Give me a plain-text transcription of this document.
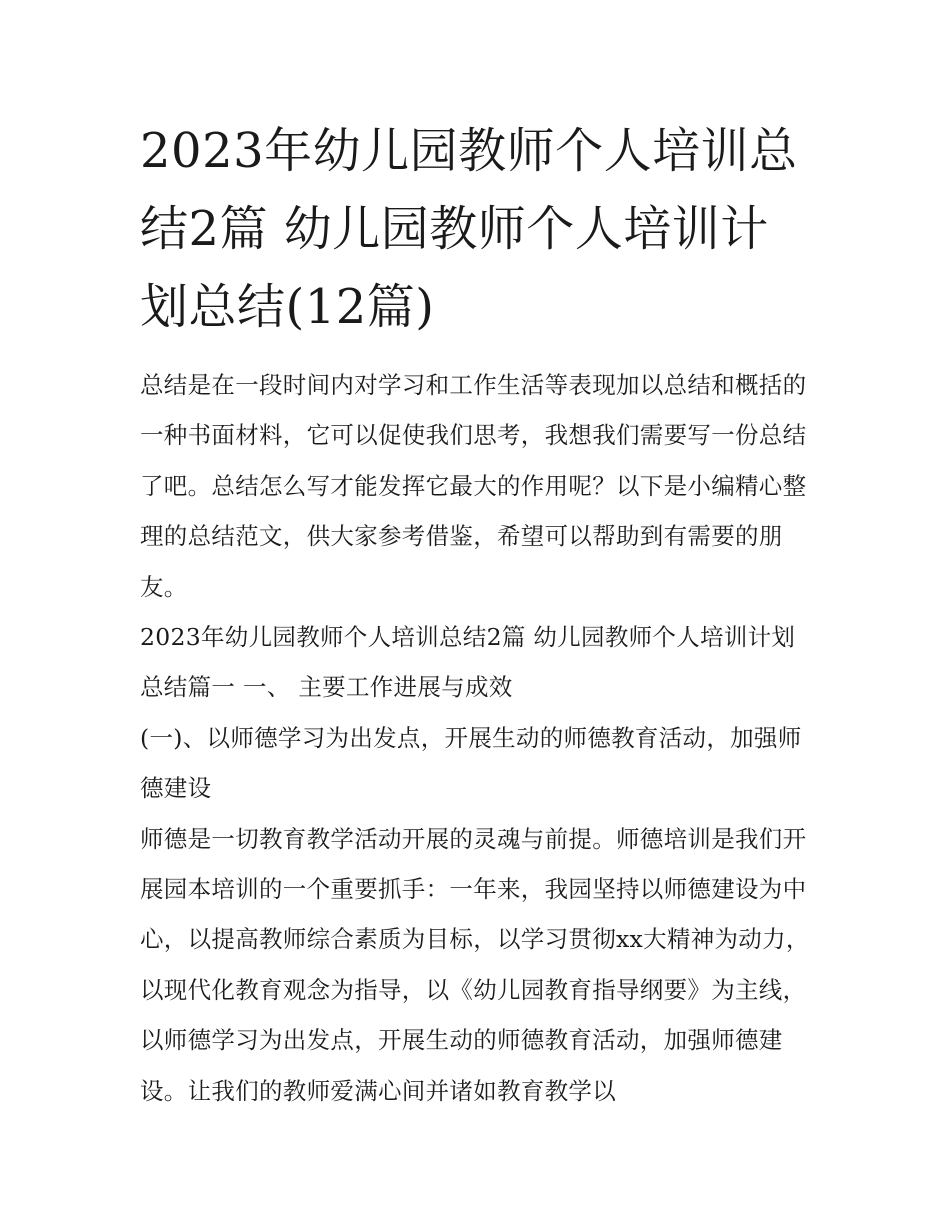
2023年幼儿园教师个人培训总结2篇 幼儿园教师个人培训计划总结(12篇)

总结是在一段时间内对学习和工作生活等表现加以总结和概括的一种书面材料，它可以促使我们思考，我想我们需要写一份总结了吧。总结怎么写才能发挥它最大的作用呢？以下是小编精心整理的总结范文，供大家参考借鉴，希望可以帮助到有需要的朋友。

2023年幼儿园教师个人培训总结2篇 幼儿园教师个人培训计划总结篇一 一、 主要工作进展与成效

(一)、以师德学习为出发点，开展生动的师德教育活动，加强师德建设

师德是一切教育教学活动开展的灵魂与前提。师德培训是我们开展园本培训的一个重要抓手：一年来，我园坚持以师德建设为中心，以提高教师综合素质为目标，以学习贯彻xx大精神为动力，以现代化教育观念为指导，以《幼儿园教育指导纲要》为主线，以师德学习为出发点，开展生动的师德教育活动，加强师德建设。让我们的教师爱满心间并诸如教育教学以
